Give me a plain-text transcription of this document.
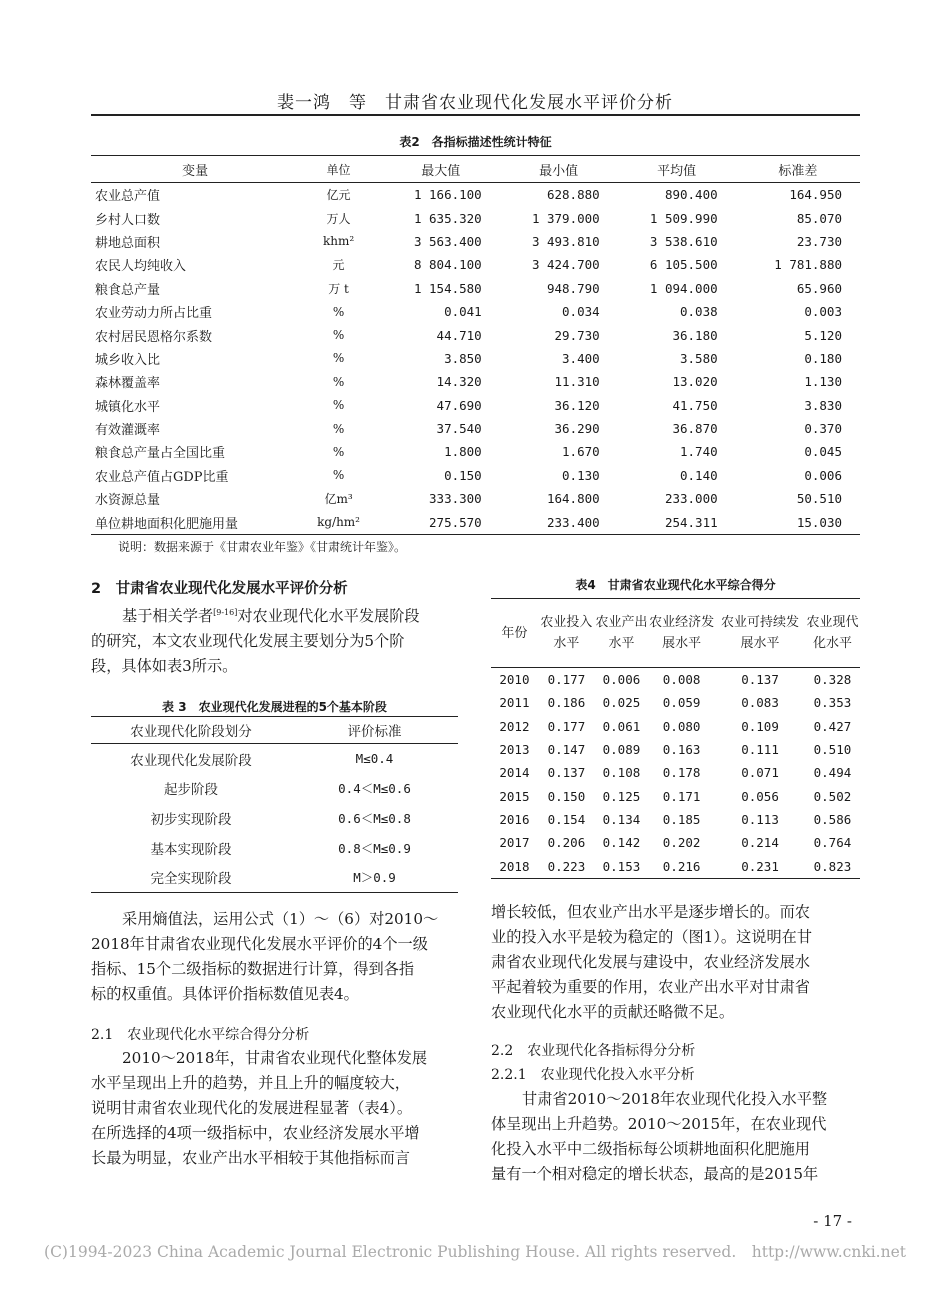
裴一鸿　等　甘肃省农业现代化发展水平评价分析
表2　各指标描述性统计特征
变量	单位	最大值	最小值	平均值	标准差
农业总产值	亿元	1 166.100	628.880	890.400	164.950
乡村人口数	万人	1 635.320	1 379.000	1 509.990	85.070
耕地总面积	khm²	3 563.400	3 493.810	3 538.610	23.730
农民人均纯收入	元	8 804.100	3 424.700	6 105.500	1 781.880
粮食总产量	万 t	1 154.580	948.790	1 094.000	65.960
农业劳动力所占比重	%	0.041	0.034	0.038	0.003
农村居民恩格尔系数	%	44.710	29.730	36.180	5.120
城乡收入比	%	3.850	3.400	3.580	0.180
森林覆盖率	%	14.320	11.310	13.020	1.130
城镇化水平	%	47.690	36.120	41.750	3.830
有效灌溉率	%	37.540	36.290	36.870	0.370
粮食总产量占全国比重	%	1.800	1.670	1.740	0.045
农业总产值占GDP比重	%	0.150	0.130	0.140	0.006
水资源总量	亿m³	333.300	164.800	233.000	50.510
单位耕地面积化肥施用量	kg/hm²	275.570	233.400	254.311	15.030
说明：数据来源于《甘肃农业年鉴》《甘肃统计年鉴》。
2　甘肃省农业现代化发展水平评价分析
基于相关学者[9-16]对农业现代化水平发展阶段
的研究，本文农业现代化发展主要划分为5个阶
段，具体如表3所示。
表 3　农业现代化发展进程的5个基本阶段
农业现代化阶段划分	评价标准
农业现代化发展阶段	M≤0.4
起步阶段	0.4＜M≤0.6
初步实现阶段	0.6＜M≤0.8
基本实现阶段	0.8＜M≤0.9
完全实现阶段	M＞0.9
表4　甘肃省农业现代化水平综合得分
年份	农业投入水平	农业产出水平	农业经济发展水平	农业可持续发展水平	农业现代化水平
2010	0.177	0.006	0.008	0.137	0.328
2011	0.186	0.025	0.059	0.083	0.353
2012	0.177	0.061	0.080	0.109	0.427
2013	0.147	0.089	0.163	0.111	0.510
2014	0.137	0.108	0.178	0.071	0.494
2015	0.150	0.125	0.171	0.056	0.502
2016	0.154	0.134	0.185	0.113	0.586
2017	0.206	0.142	0.202	0.214	0.764
2018	0.223	0.153	0.216	0.231	0.823
采用熵值法，运用公式（1）～（6）对2010～
2018年甘肃省农业现代化发展水平评价的4个一级
指标、15个二级指标的数据进行计算，得到各指
标的权重值。具体评价指标数值见表4。
2.1　农业现代化水平综合得分分析
2010～2018年，甘肃省农业现代化整体发展
水平呈现出上升的趋势，并且上升的幅度较大，
说明甘肃省农业现代化的发展进程显著（表4）。
在所选择的4项一级指标中，农业经济发展水平增
长最为明显，农业产出水平相较于其他指标而言
增长较低，但农业产出水平是逐步增长的。而农
业的投入水平是较为稳定的（图1）。这说明在甘
肃省农业现代化发展与建设中，农业经济发展水
平起着较为重要的作用，农业产出水平对甘肃省
农业现代化水平的贡献还略微不足。
2.2　农业现代化各指标得分分析
2.2.1　农业现代化投入水平分析
甘肃省2010～2018年农业现代化投入水平整
体呈现出上升趋势。2010～2015年，在农业现代
化投入水平中二级指标每公顷耕地面积化肥施用
量有一个相对稳定的增长状态，最高的是2015年
- 17 -
(C)1994-2023 China Academic Journal Electronic Publishing House. All rights reserved.　http://www.cnki.net
